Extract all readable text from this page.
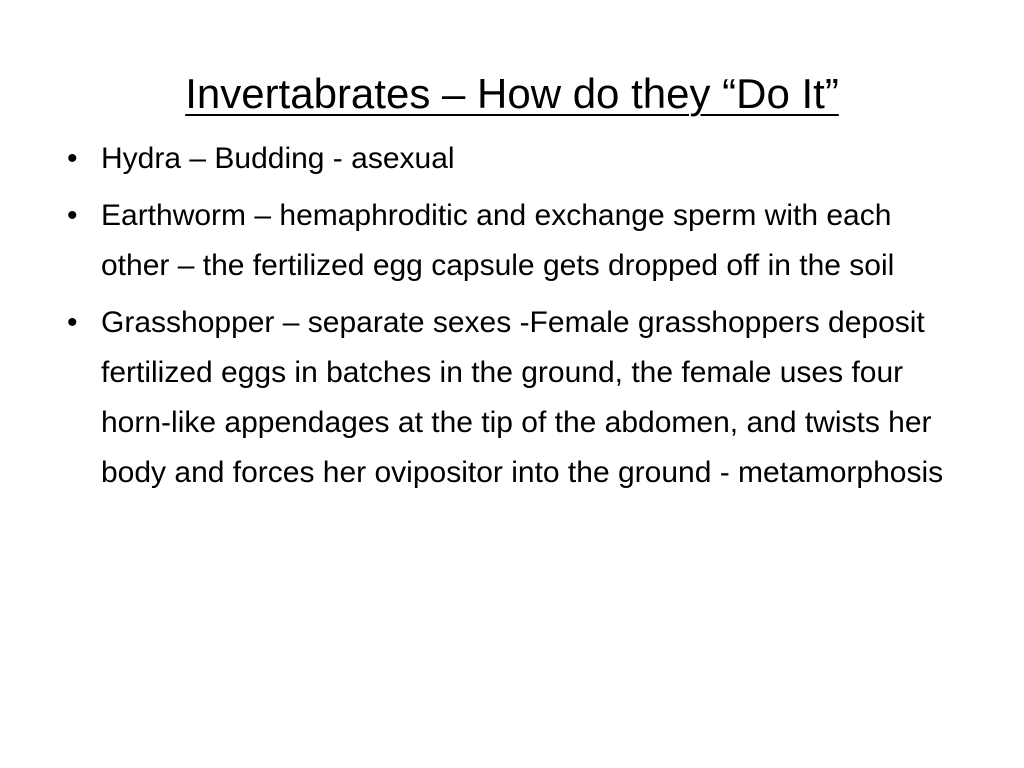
Invertabrates – How do they “Do It”
• Hydra – Budding - asexual
• Earthworm – hemaphroditic and exchange sperm with each other – the fertilized egg capsule gets dropped off in the soil
• Grasshopper – separate sexes -Female grasshoppers deposit fertilized eggs in batches in the ground, the female uses four horn-like appendages at the tip of the abdomen, and twists her body and forces her ovipositor into the ground - metamorphosis
